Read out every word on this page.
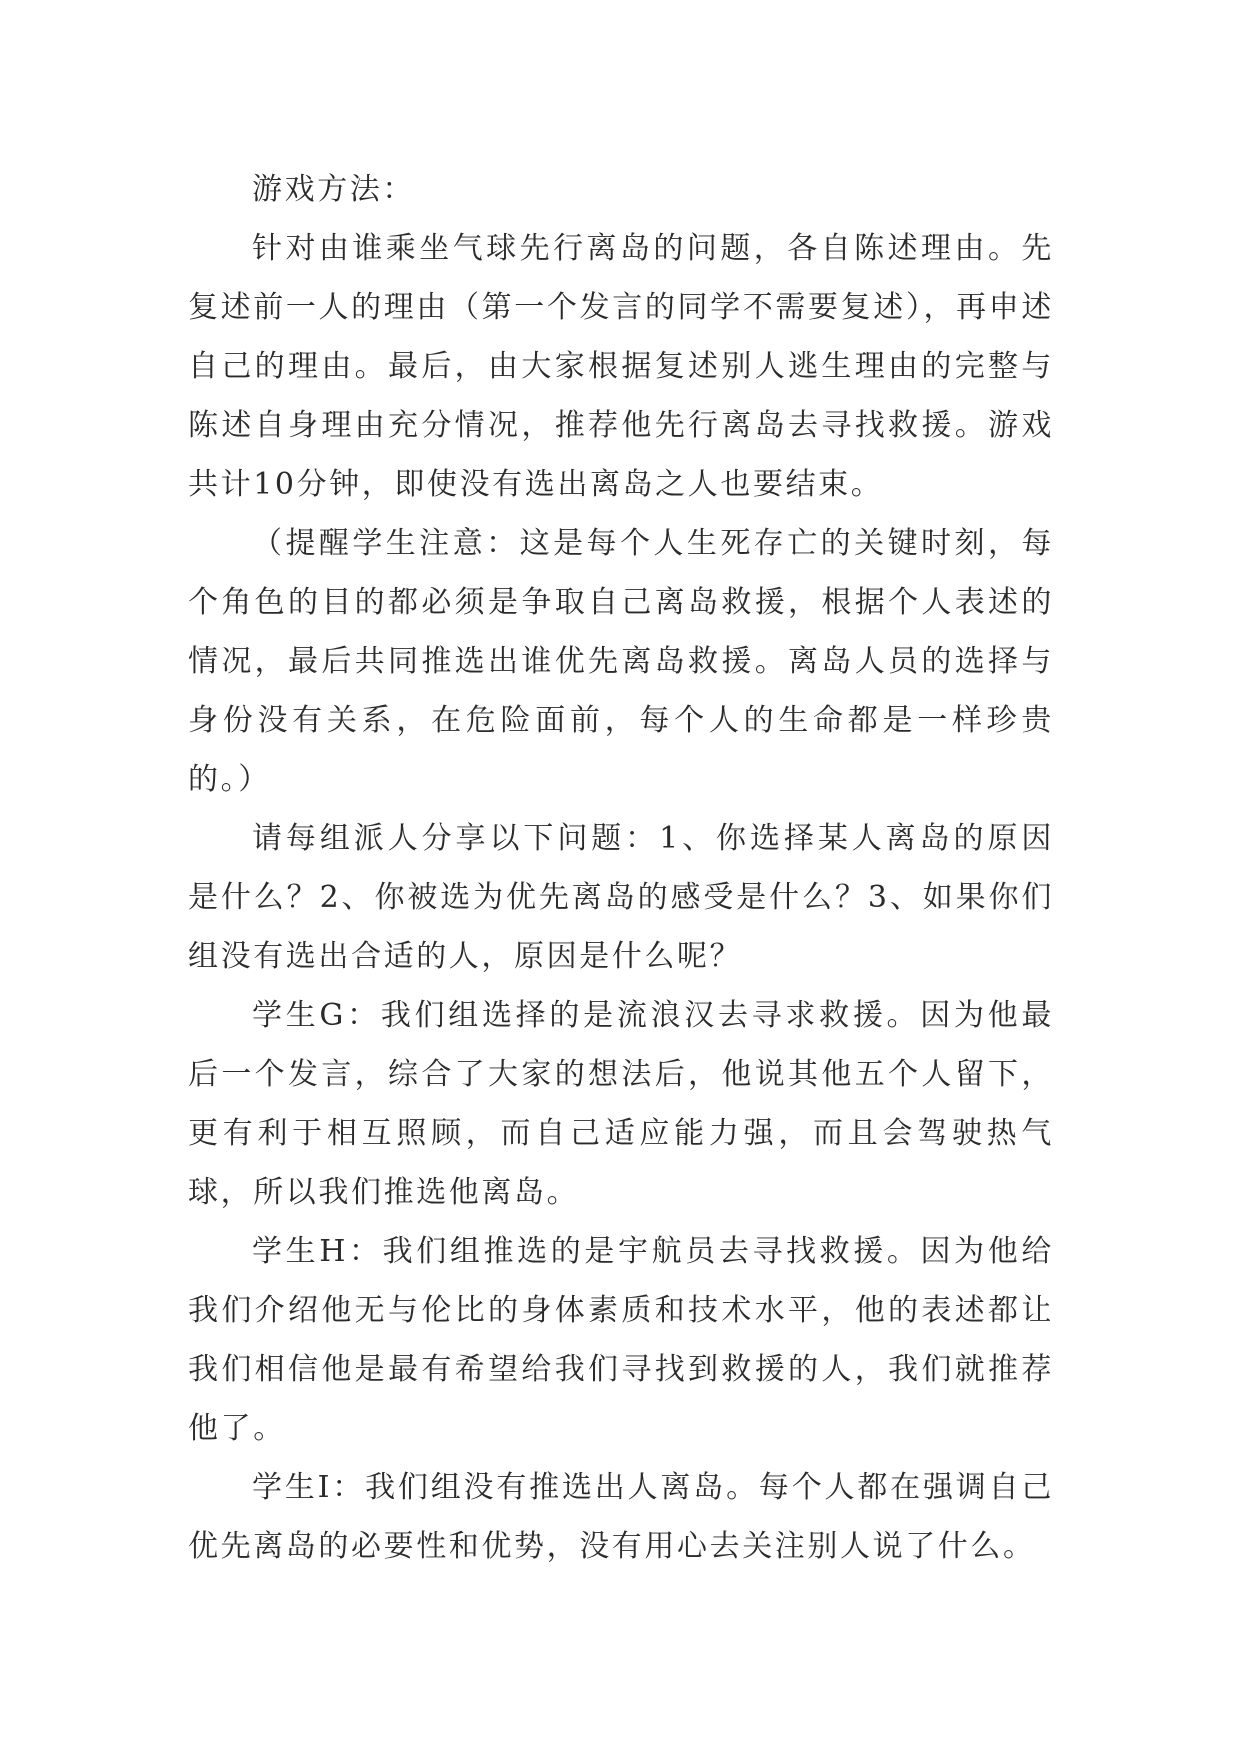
游戏方法：

针对由谁乘坐气球先行离岛的问题，各自陈述理由。先复述前一人的理由（第一个发言的同学不需要复述），再申述自己的理由。最后，由大家根据复述别人逃生理由的完整与陈述自身理由充分情况，推荐他先行离岛去寻找救援。游戏共计10分钟，即使没有选出离岛之人也要结束。

（提醒学生注意：这是每个人生死存亡的关键时刻，每个角色的目的都必须是争取自己离岛救援，根据个人表述的情况，最后共同推选出谁优先离岛救援。离岛人员的选择与身份没有关系，在危险面前，每个人的生命都是一样珍贵的。）

请每组派人分享以下问题：1、你选择某人离岛的原因是什么？2、你被选为优先离岛的感受是什么？3、如果你们组没有选出合适的人，原因是什么呢？

学生G：我们组选择的是流浪汉去寻求救援。因为他最后一个发言，综合了大家的想法后，他说其他五个人留下，更有利于相互照顾，而自己适应能力强，而且会驾驶热气球，所以我们推选他离岛。

学生H：我们组推选的是宇航员去寻找救援。因为他给我们介绍他无与伦比的身体素质和技术水平，他的表述都让我们相信他是最有希望给我们寻找到救援的人，我们就推荐他了。

学生I：我们组没有推选出人离岛。每个人都在强调自己优先离岛的必要性和优势，没有用心去关注别人说了什么。
